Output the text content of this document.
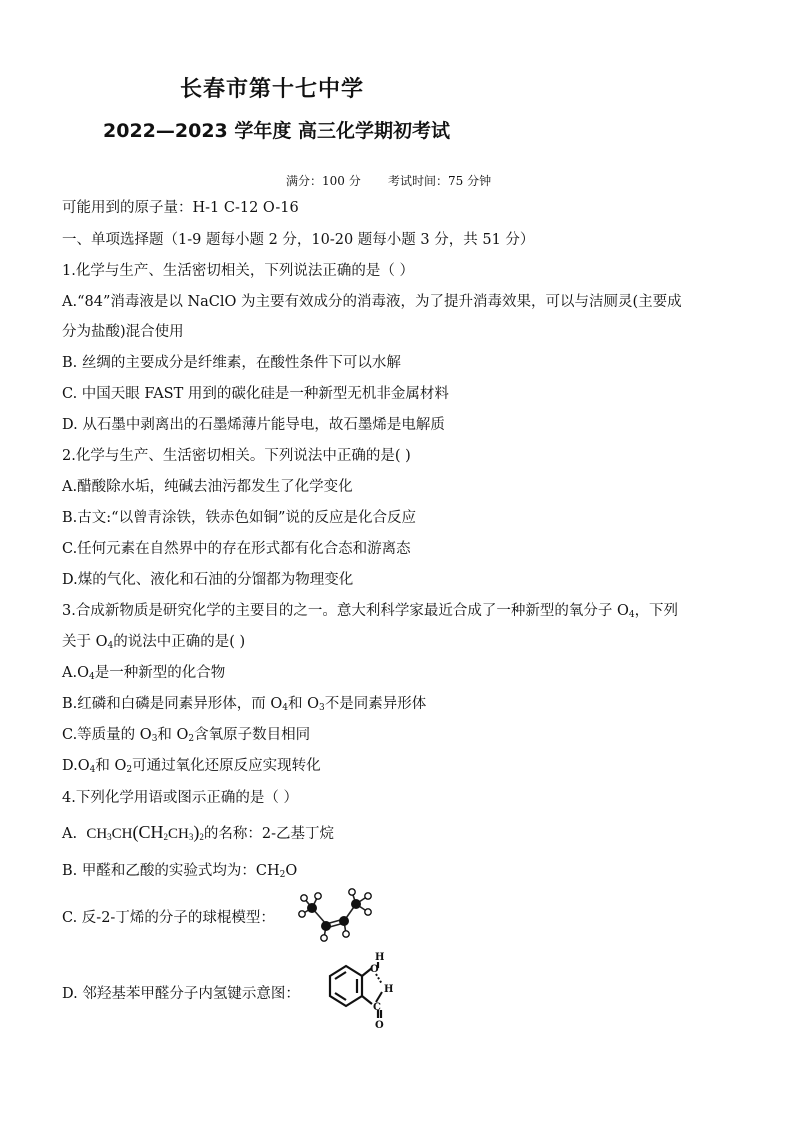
长春市第十七中学
2022—2023 学年度 高三化学期初考试
满分：100 分 考试时间：75 分钟
可能用到的原子量：H-1 C-12 O-16
一、单项选择题（1-9 题每小题 2 分，10-20 题每小题 3 分，共 51 分）
1.化学与生产、生活密切相关，下列说法正确的是（ ）
A.“84”消毒液是以 NaClO 为主要有效成分的消毒液，为了提升消毒效果，可以与洁厕灵(主要成
分为盐酸)混合使用
B. 丝绸的主要成分是纤维素，在酸性条件下可以水解
C. 中国天眼 FAST 用到的碳化硅是一种新型无机非金属材料
D. 从石墨中剥离出的石墨烯薄片能导电，故石墨烯是电解质
2.化学与生产、生活密切相关。下列说法中正确的是( )
A.醋酸除水垢，纯碱去油污都发生了化学变化
B.古文:“以曾青涂铁，铁赤色如铜”说的反应是化合反应
C.任何元素在自然界中的存在形式都有化合态和游离态
D.煤的气化、液化和石油的分馏都为物理变化
3.合成新物质是研究化学的主要目的之一。意大利科学家最近合成了一种新型的氧分子 $O_4$，下列
关于 $O_4$的说法中正确的是( )
$A.O_4$是一种新型的化合物
B.红磷和白磷是同素异形体，而 $O_4$和 $O_3$不是同素异形体
C.等质量的 $O_3$和 $O_2$含氧原子数目相同
$D.O_4$和 $O_2$可通过氧化还原反应实现转化
4.下列化学用语或图示正确的是（ ）
A. $CH_3CH(CH_2CH_3)_2$的名称：2-乙基丁烷
B. 甲醛和乙酸的实验式均为：$CH_2O$
C. 反-2-丁烯的分子的球棍模型：
D. 邻羟基苯甲醛分子内氢键示意图：
H
O
H
C
O
